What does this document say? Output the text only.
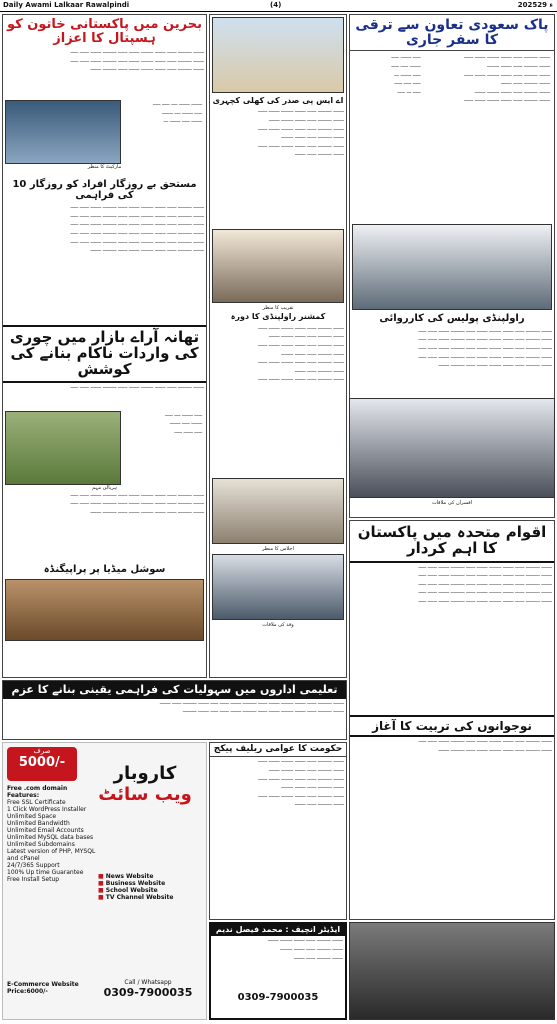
Daily Awami Lalkaar Rawalpindi	(4)	2025ء 29
بحرین میں پاکستانی خاتون کو ہسپتال کا اعزاز

ـــــــ ـــــــــ ــــــ ـــــــ ــــــــ ـــــــ ــــــ ـــــــــ ـــــــ ــــــ ـــــ

ـــــــ ـــــــــ ــــــ ـــــــ ــــــــ ـــــــ ــــــ ـــــــــ ـــــــ ــــــ ـــــ

ـــــــ ـــــــــ ــــــ ـــــــ ــــــــ ـــــــ ــــــ ـــــــــ ـــــــ

ـــــــ ـــــــ ــــ ـــــ ـــــ

ـــــ ـــــــ ــــ ـــــــ

ـــــــ ـــــ ـــــــ ـــ

مارکیٹ کا منظر
10 مستحق بے روزگار افراد کو روزگار کی فراہمی

ـــــــ ـــــــــ ــــــ ـــــــ ــــــــ ـــــــ ــــــ ـــــــــ ـــــــ ــــــ ـــــ

ـــــــ ـــــــــ ــــــ ـــــــ ــــــــ ـــــــ ــــــ ـــــــــ ـــــــ ــــــ ـــــ

ـــــــ ـــــــــ ــــــ ـــــــ ــــــــ ـــــــ ــــــ ـــــــــ ـــــــ ــــــ ـــــ

ـــــــ ـــــــــ ــــــ ـــــــ ــــــــ ـــــــ ــــــ ـــــــــ ـــــــ ــــــ ـــــ

ـــــــ ـــــــــ ــــــ ـــــــ ــــــــ ـــــــ ــــــ ـــــــــ ـــــــ ــــــ ـــــ

ـــــــ ـــــــــ ــــــ ـــــــ ــــــــ ـــــــ ــــــ ـــــــــ ـــــــ

تھانہ آراے بازار میں چوری کی واردات ناکام بنانے کی کوشش

ـــــــ ـــــــــ ــــــ ـــــــ ــــــــ ـــــــ ــــــ ـــــــــ ـــــــ ــــــ ـــــ

ـــــ ـــــــ ــــ ـــــ

ـــــــ ـــــ ـــــــ

ـــــ ــــــ ـــــ

ہریالی مہم

ـــــــ ـــــــــ ــــــ ـــــــ ــــــــ ـــــــ ــــــ ـــــــــ ـــــــ ــــــ ـــــ

ـــــــ ـــــــــ ــــــ ـــــــ ــــــــ ـــــــ ــــــ ـــــــــ ـــــــ ــــــ ـــــ

ـــــــ ـــــــــ ــــــ ـــــــ ــــــــ ـــــــ ــــــ ـــــــــ ـــــــ

سوشل میڈیا پر پراپیگنڈہ
اے ایس پی صدر کی کھلی کچہری

ـــــــ ـــــــــ ــــــ ـــــــ ــــــــ ـــــــ ــــــ

ـــــــ ـــــــــ ــــــ ـــــــ ــــــــ ـــــــ

ـــــــ ـــــــــ ــــــ ـــــــ ــــــــ ـــــــ ــــــ

ـــــــ ـــــــــ ــــــ ـــــــ ــــــــ

ـــــــ ـــــــــ ــــــ ـــــــ ــــــــ ـــــــ ــــــ

ـــــــ ـــــــــ ــــــ ـــــــ

تقریب کا منظر
کمشنر راولپنڈی کا دورہ

ـــــــ ـــــــــ ــــــ ـــــــ ــــــــ ـــــــ ــــــ

ـــــــ ـــــــــ ــــــ ـــــــ ــــــــ ـــــــ

ـــــــ ـــــــــ ــــــ ـــــــ ــــــــ ـــــــ ــــــ

ـــــــ ـــــــــ ــــــ ـــــــ ــــــــ

ـــــــ ـــــــــ ــــــ ـــــــ ــــــــ ـــــــ ــــــ

ـــــــ ـــــــــ ــــــ ـــــــ

ـــــــ ـــــــــ ــــــ ـــــــ ــــــــ ـــــــ ــــــ

اجلاس کا منظر
وفد کی ملاقات
پاک سعودی تعاون سے ترقی کا سفر جاری

ـــــ ـــــــ ـــــ

ـــــــ ـــــ ـــــ

ـــــ ـــــــ ـــ

ـــــ ـــــ ـــــ

ـــــ ـــ ـــــ

ـــــــ ـــــــــ ــــــ ـــــــ ــــــــ ـــــــ ــــــ

ـــــــ ـــــــــ ــــــ ـــــــ ــــــــ

ـــــــ ـــــــــ ــــــ ـــــــ ــــــــ ـــــــ ــــــ

ـــــــ ـــــــــ ــــــ ـــــــ

ـــــــ ـــــــــ ــــــ ـــــــ ــــــــ ـــــــ

ـــــــ ـــــــــ ــــــ ـــــــ ــــــــ ـــــــ ــــــ

راولپنڈی پولیس کی کارروائی

ـــــــ ـــــــــ ــــــ ـــــــ ــــــــ ـــــــ ــــــ ـــــــــ ـــــــ ــــــ ـــــ

ـــــــ ـــــــــ ــــــ ـــــــ ــــــــ ـــــــ ــــــ ـــــــــ ـــــــ ــــــ ـــــ

ـــــــ ـــــــــ ــــــ ـــــــ ــــــــ ـــــــ ــــــ ـــــــــ ـــــــ ــــــ ـــــ

ـــــــ ـــــــــ ــــــ ـــــــ ــــــــ ـــــــ ــــــ ـــــــــ ـــــــ ــــــ ـــــ

ـــــــ ـــــــــ ــــــ ـــــــ ــــــــ ـــــــ ــــــ ـــــــــ ـــــــ

افسران کی ملاقات
اقوام متحدہ میں پاکستان کا اہم کردار

ـــــــ ـــــــــ ــــــ ـــــــ ــــــــ ـــــــ ــــــ ـــــــــ ـــــــ ــــــ ـــــ

ـــــــ ـــــــــ ــــــ ـــــــ ــــــــ ـــــــ ــــــ ـــــــــ ـــــــ ــــــ ـــــ

ـــــــ ـــــــــ ــــــ ـــــــ ــــــــ ـــــــ ــــــ ـــــــــ ـــــــ ــــــ ـــــ

ـــــــ ـــــــــ ــــــ ـــــــ ــــــــ ـــــــ ــــــ ـــــــــ ـــــــ ــــــ ـــــ

ـــــــ ـــــــــ ــــــ ـــــــ ــــــــ ـــــــ ــــــ ـــــــــ ـــــــ ــــــ ـــــ

نوجوانوں کی تربیت کا آغاز

ـــــــ ـــــــــ ــــــ ـــــــ ــــــــ ـــــــ ــــــ ـــــــــ ـــــــ ــــــ ـــــ

ـــــــ ـــــــــ ــــــ ـــــــ ــــــــ ـــــــ ــــــ ـــــــــ ـــــــ

تعلیمی اداروں میں سہولیات کی فراہمی یقینی بنانے کا عزم

ـــــــ ـــــــــ ــــــ ـــــــ ــــــــ ـــــــ ــــــ ـــــــــ ـــــــ ــــــ ـــــ ـــــــ ـــــــــ ــــــ ـــــــ

ـــــــ ـــــــــ ــــــ ـــــــ ــــــــ ـــــــ ــــــ ـــــــــ ـــــــ ــــــ ـــــ ـــــــ ـــــــــ

حکومت کا عوامی ریلیف پیکج

ـــــــ ـــــــــ ــــــ ـــــــ ــــــــ ـــــــ ــــــ

ـــــــ ـــــــــ ــــــ ـــــــ ــــــــ ـــــــ

ـــــــ ـــــــــ ــــــ ـــــــ ــــــــ ـــــــ ــــــ

ـــــــ ـــــــــ ــــــ ـــــــ ــــــــ

ـــــــ ـــــــــ ــــــ ـــــــ ــــــــ ـــــــ ــــــ

ـــــــ ـــــــــ ــــــ ـــــــ

ایڈیٹر انچیف : محمد فیصل ندیم

ـــــــ ـــــــــ ــــــ ـــــــ ــــــــ ـــــــ

ـــــــ ـــــــــ ــــــ ـــــــ ــــــــ

ـــــــ ـــــــــ ــــــ ـــــــ

0309-7900035
صرف
5000/-
کاروبار
ویب سائٹ
Free .com domain
Features:
Free SSL Certificate
1 Click WordPress Installer
Unlimited Space
Unlimited Bandwidth
Unlimited Email Accounts
Unlimited MySQL data bases
Unlimited Subdomains
Latest version of PHP, MYSQL and cPanel
24/7/365 Support
100% Up time Guarantee
Free Install Setup	■ News Website
■ Business Website
■ School Website
■ TV Channel Website
E-Commerce Website
Price:6000/-
Call / Whatsapp
0309-7900035
